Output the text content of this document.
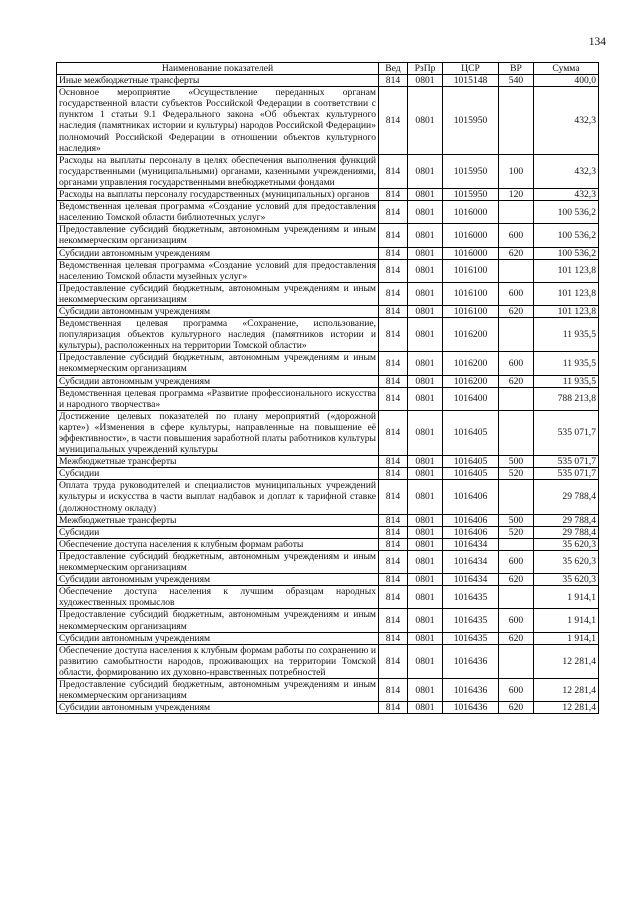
134
Наименование показателей	Вед	РзПр	ЦСР	ВР	Сумма
Иные межбюджетные трансферты	814	0801	1015148	540	400,0
Основное мероприятие «Осуществление переданных органам государственной власти субъектов Российской Федерации в соответствии с пунктом 1 статьи 9.1 Федерального закона «Об объектах культурного наследия (памятниках истории и культуры) народов Российской Федерации» полномочий Российской Федерации в отношении объектов культурного наследия»	814	0801	1015950		432,3
Расходы на выплаты персоналу в целях обеспечения выполнения функций государственными (муниципальными) органами, казенными учреждениями, органами управления государственными внебюджетными фондами	814	0801	1015950	100	432,3
Расходы на выплаты персоналу государственных (муниципальных) органов	814	0801	1015950	120	432,3
Ведомственная целевая программа «Создание условий для предоставления населению Томской области библиотечных услуг»	814	0801	1016000		100 536,2
Предоставление субсидий бюджетным, автономным учреждениям и иным некоммерческим организациям	814	0801	1016000	600	100 536,2
Субсидии автономным учреждениям	814	0801	1016000	620	100 536,2
Ведомственная целевая программа «Создание условий для предоставления населению Томской области музейных услуг»	814	0801	1016100		101 123,8
Предоставление субсидий бюджетным, автономным учреждениям и иным некоммерческим организациям	814	0801	1016100	600	101 123,8
Субсидии автономным учреждениям	814	0801	1016100	620	101 123,8
Ведомственная целевая программа «Сохранение, использование, популяризация объектов культурного наследия (памятников истории и культуры), расположенных на территории Томской области»	814	0801	1016200		11 935,5
Предоставление субсидий бюджетным, автономным учреждениям и иным некоммерческим организациям	814	0801	1016200	600	11 935,5
Субсидии автономным учреждениям	814	0801	1016200	620	11 935,5
Ведомственная целевая программа «Развитие профессионального искусства и народного творчества»	814	0801	1016400		788 213,8
Достижение целевых показателей по плану мероприятий («дорожной карте») «Изменения в сфере культуры, направленные на повышение её эффективности», в части повышения заработной платы работников культуры муниципальных учреждений культуры	814	0801	1016405		535 071,7
Межбюджетные трансферты	814	0801	1016405	500	535 071,7
Субсидии	814	0801	1016405	520	535 071,7
Оплата труда руководителей и специалистов муниципальных учреждений культуры и искусства в части выплат надбавок и доплат к тарифной ставке (должностному окладу)	814	0801	1016406		29 788,4
Межбюджетные трансферты	814	0801	1016406	500	29 788,4
Субсидии	814	0801	1016406	520	29 788,4
Обеспечение доступа населения к клубным формам работы	814	0801	1016434		35 620,3
Предоставление субсидий бюджетным, автономным учреждениям и иным некоммерческим организациям	814	0801	1016434	600	35 620,3
Субсидии автономным учреждениям	814	0801	1016434	620	35 620,3
Обеспечение доступа населения к лучшим образцам народных художественных промыслов	814	0801	1016435		1 914,1
Предоставление субсидий бюджетным, автономным учреждениям и иным некоммерческим организациям	814	0801	1016435	600	1 914,1
Субсидии автономным учреждениям	814	0801	1016435	620	1 914,1
Обеспечение доступа населения к клубным формам работы по сохранению и развитию самобытности народов, проживающих на территории Томской области, формированию их духовно-нравственных потребностей	814	0801	1016436		12 281,4
Предоставление субсидий бюджетным, автономным учреждениям и иным некоммерческим организациям	814	0801	1016436	600	12 281,4
Субсидии автономным учреждениям	814	0801	1016436	620	12 281,4
